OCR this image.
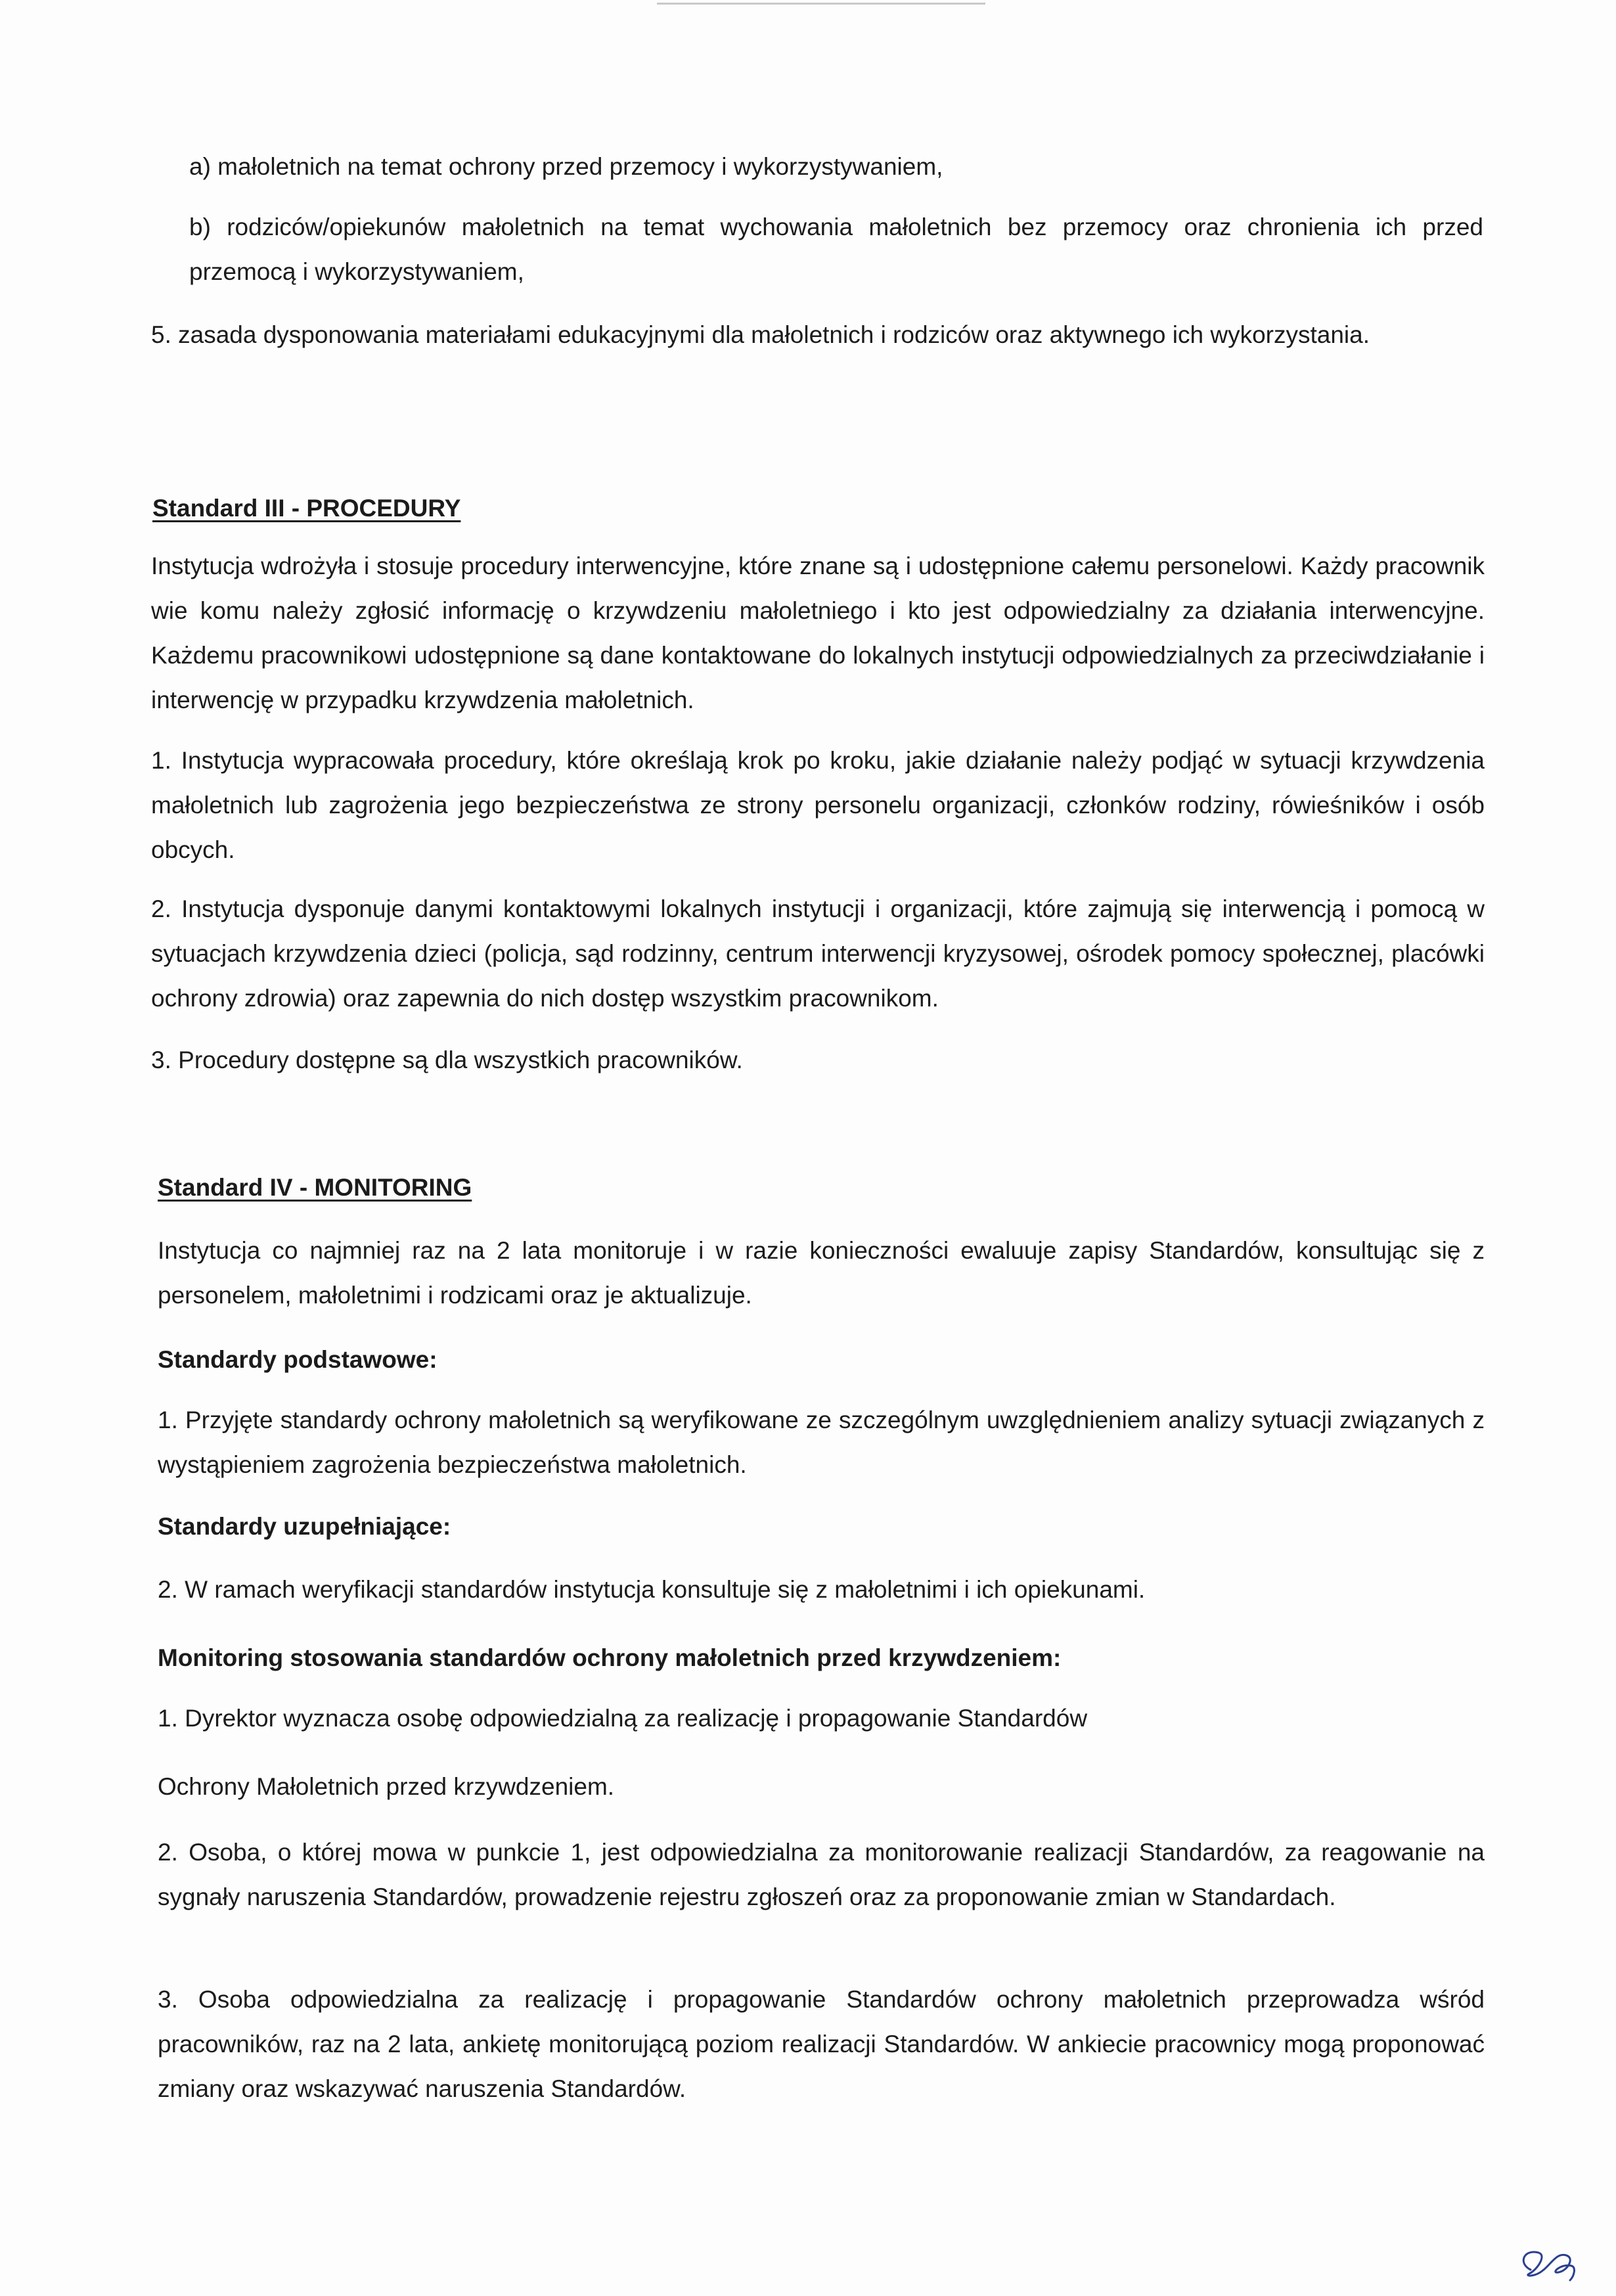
a) małoletnich na temat ochrony przed przemocy i wykorzystywaniem,

b) rodziców/opiekunów małoletnich na temat wychowania małoletnich bez przemocy oraz chronienia ich przed przemocą i wykorzystywaniem,

5. zasada dysponowania materiałami edukacyjnymi dla małoletnich i rodziców oraz aktywnego ich wykorzystania.

Standard III - PROCEDURY

Instytucja wdrożyła i stosuje procedury interwencyjne, które znane są i udostępnione całemu personelowi. Każdy pracownik wie komu należy zgłosić informację o krzywdzeniu małoletniego i kto jest odpowiedzialny za działania interwencyjne. Każdemu pracownikowi udostępnione są dane kontaktowane do lokalnych instytucji odpowiedzialnych za przeciwdziałanie i interwencję w przypadku krzywdzenia małoletnich.

1. Instytucja wypracowała procedury, które określają krok po kroku, jakie działanie należy podjąć w sytuacji krzywdzenia małoletnich lub zagrożenia jego bezpieczeństwa ze strony personelu organizacji, członków rodziny, rówieśników i osób obcych.

2. Instytucja dysponuje danymi kontaktowymi lokalnych instytucji i organizacji, które zajmują się interwencją i pomocą w sytuacjach krzywdzenia dzieci (policja, sąd rodzinny, centrum interwencji kryzysowej, ośrodek pomocy społecznej, placówki ochrony zdrowia) oraz zapewnia do nich dostęp wszystkim pracownikom.

3. Procedury dostępne są dla wszystkich pracowników.

Standard IV - MONITORING

Instytucja co najmniej raz na 2 lata monitoruje i w razie konieczności ewaluuje zapisy Standardów, konsultując się z personelem, małoletnimi i rodzicami oraz je aktualizuje.

Standardy podstawowe:

1. Przyjęte standardy ochrony małoletnich są weryfikowane ze szczególnym uwzględnieniem analizy sytuacji związanych z wystąpieniem zagrożenia bezpieczeństwa małoletnich.

Standardy uzupełniające:

2. W ramach weryfikacji standardów instytucja konsultuje się z małoletnimi i ich opiekunami.

Monitoring stosowania standardów ochrony małoletnich przed krzywdzeniem:

1. Dyrektor wyznacza osobę odpowiedzialną za realizację i propagowanie Standardów

Ochrony Małoletnich przed krzywdzeniem.

2. Osoba, o której mowa w punkcie 1, jest odpowiedzialna za monitorowanie realizacji Standardów, za reagowanie na sygnały naruszenia Standardów, prowadzenie rejestru zgłoszeń oraz za proponowanie zmian w Standardach.

3. Osoba odpowiedzialna za realizację i propagowanie Standardów ochrony małoletnich przeprowadza wśród pracowników, raz na 2 lata, ankietę monitorującą poziom realizacji Standardów. W ankiecie pracownicy mogą proponować zmiany oraz wskazywać naruszenia Standardów.
